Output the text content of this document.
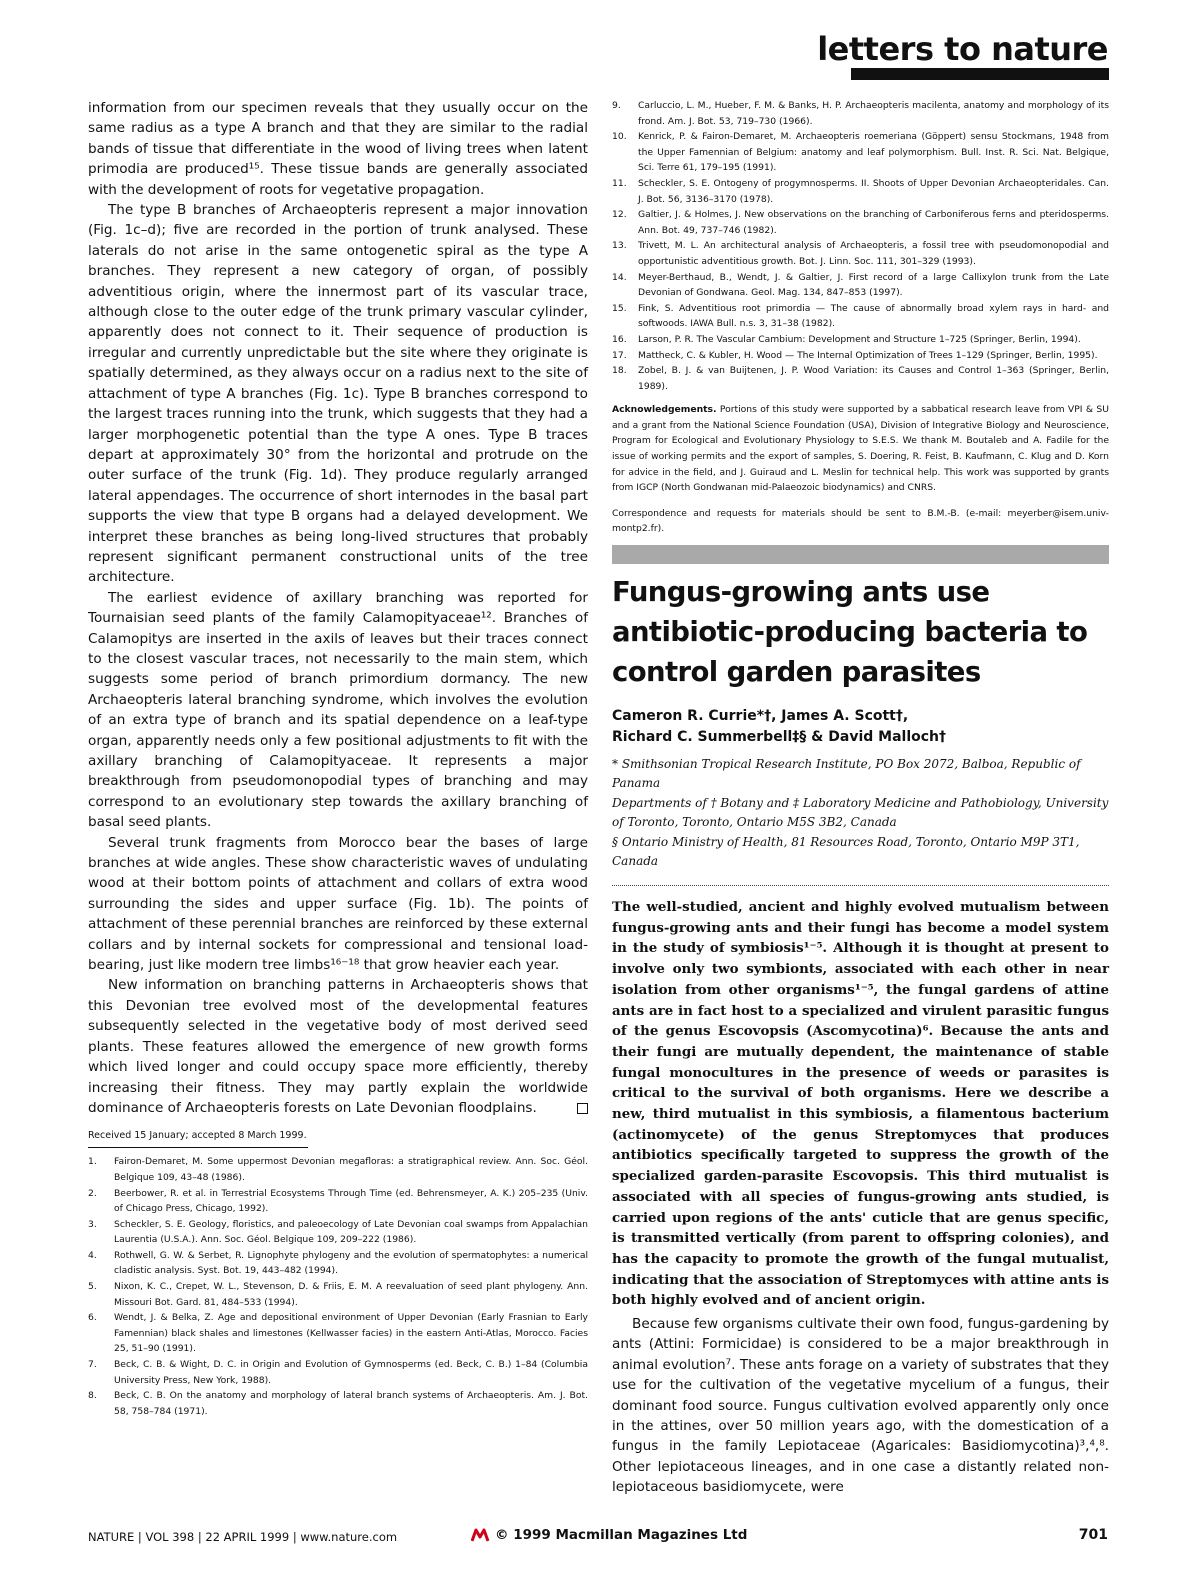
letters to nature

information from our specimen reveals that they usually occur on the same radius as a type A branch and that they are similar to the radial bands of tissue that differentiate in the wood of living trees when latent primodia are produced¹⁵. These tissue bands are generally associated with the development of roots for vegetative propagation.

The type B branches of Archaeopteris represent a major innovation (Fig. 1c–d); five are recorded in the portion of trunk analysed. These laterals do not arise in the same ontogenetic spiral as the type A branches. They represent a new category of organ, of possibly adventitious origin, where the innermost part of its vascular trace, although close to the outer edge of the trunk primary vascular cylinder, apparently does not connect to it. Their sequence of production is irregular and currently unpredictable but the site where they originate is spatially determined, as they always occur on a radius next to the site of attachment of type A branches (Fig. 1c). Type B branches correspond to the largest traces running into the trunk, which suggests that they had a larger morphogenetic potential than the type A ones. Type B traces depart at approximately 30° from the horizontal and protrude on the outer surface of the trunk (Fig. 1d). They produce regularly arranged lateral appendages. The occurrence of short internodes in the basal part supports the view that type B organs had a delayed development. We interpret these branches as being long-lived structures that probably represent significant permanent constructional units of the tree architecture.

The earliest evidence of axillary branching was reported for Tournaisian seed plants of the family Calamopityaceae¹². Branches of Calamopitys are inserted in the axils of leaves but their traces connect to the closest vascular traces, not necessarily to the main stem, which suggests some period of branch primordium dormancy. The new Archaeopteris lateral branching syndrome, which involves the evolution of an extra type of branch and its spatial dependence on a leaf-type organ, apparently needs only a few positional adjustments to fit with the axillary branching of Calamopityaceae. It represents a major breakthrough from pseudomonopodial types of branching and may correspond to an evolutionary step towards the axillary branching of basal seed plants.

Several trunk fragments from Morocco bear the bases of large branches at wide angles. These show characteristic waves of undulating wood at their bottom points of attachment and collars of extra wood surrounding the sides and upper surface (Fig. 1b). The points of attachment of these perennial branches are reinforced by these external collars and by internal sockets for compressional and tensional load-bearing, just like modern tree limbs¹⁶⁻¹⁸ that grow heavier each year.

New information on branching patterns in Archaeopteris shows that this Devonian tree evolved most of the developmental features subsequently selected in the vegetative body of most derived seed plants. These features allowed the emergence of new growth forms which lived longer and could occupy space more efficiently, thereby increasing their fitness. They may partly explain the worldwide dominance of Archaeopteris forests on Late Devonian floodplains.

Received 15 January; accepted 8 March 1999.
1.	Fairon-Demaret, M. Some uppermost Devonian megafloras: a stratigraphical review. Ann. Soc. Géol. Belgique 109, 43–48 (1986).
2.	Beerbower, R. et al. in Terrestrial Ecosystems Through Time (ed. Behrensmeyer, A. K.) 205–235 (Univ. of Chicago Press, Chicago, 1992).
3.	Scheckler, S. E. Geology, floristics, and paleoecology of Late Devonian coal swamps from Appalachian Laurentia (U.S.A.). Ann. Soc. Géol. Belgique 109, 209–222 (1986).
4.	Rothwell, G. W. & Serbet, R. Lignophyte phylogeny and the evolution of spermatophytes: a numerical cladistic analysis. Syst. Bot. 19, 443–482 (1994).
5.	Nixon, K. C., Crepet, W. L., Stevenson, D. & Friis, E. M. A reevaluation of seed plant phylogeny. Ann. Missouri Bot. Gard. 81, 484–533 (1994).
6.	Wendt, J. & Belka, Z. Age and depositional environment of Upper Devonian (Early Frasnian to Early Famennian) black shales and limestones (Kellwasser facies) in the eastern Anti-Atlas, Morocco. Facies 25, 51–90 (1991).
7.	Beck, C. B. & Wight, D. C. in Origin and Evolution of Gymnosperms (ed. Beck, C. B.) 1–84 (Columbia University Press, New York, 1988).
8.	Beck, C. B. On the anatomy and morphology of lateral branch systems of Archaeopteris. Am. J. Bot. 58, 758–784 (1971).
9.	Carluccio, L. M., Hueber, F. M. & Banks, H. P. Archaeopteris macilenta, anatomy and morphology of its frond. Am. J. Bot. 53, 719–730 (1966).
10. Kenrick, P. & Fairon-Demaret, M. Archaeopteris roemeriana (Göppert) sensu Stockmans, 1948 from the Upper Famennian of Belgium: anatomy and leaf polymorphism. Bull. Inst. R. Sci. Nat. Belgique, Sci. Terre 61, 179–195 (1991).
11. Scheckler, S. E. Ontogeny of progymnosperms. II. Shoots of Upper Devonian Archaeopteridales. Can. J. Bot. 56, 3136–3170 (1978).
12. Galtier, J. & Holmes, J. New observations on the branching of Carboniferous ferns and pteridosperms. Ann. Bot. 49, 737–746 (1982).
13. Trivett, M. L. An architectural analysis of Archaeopteris, a fossil tree with pseudomonopodial and opportunistic adventitious growth. Bot. J. Linn. Soc. 111, 301–329 (1993).
14. Meyer-Berthaud, B., Wendt, J. & Galtier, J. First record of a large Callixylon trunk from the Late Devonian of Gondwana. Geol. Mag. 134, 847–853 (1997).
15. Fink, S. Adventitious root primordia — The cause of abnormally broad xylem rays in hard- and softwoods. IAWA Bull. n.s. 3, 31–38 (1982).
16. Larson, P. R. The Vascular Cambium: Development and Structure 1–725 (Springer, Berlin, 1994).
17. Mattheck, C. & Kubler, H. Wood — The Internal Optimization of Trees 1–129 (Springer, Berlin, 1995).
18. Zobel, B. J. & van Buijtenen, J. P. Wood Variation: its Causes and Control 1–363 (Springer, Berlin, 1989).

Acknowledgements. Portions of this study were supported by a sabbatical research leave from VPI & SU and a grant from the National Science Foundation (USA), Division of Integrative Biology and Neuroscience, Program for Ecological and Evolutionary Physiology to S.E.S. We thank M. Boutaleb and A. Fadile for the issue of working permits and the export of samples, S. Doering, R. Feist, B. Kaufmann, C. Klug and D. Korn for advice in the field, and J. Guiraud and L. Meslin for technical help. This work was supported by grants from IGCP (North Gondwanan mid-Palaeozoic biodynamics) and CNRS.

Correspondence and requests for materials should be sent to B.M.-B. (e-mail: meyerber@isem.univ-montp2.fr).

Fungus-growing ants use antibiotic-producing bacteria to control garden parasites
Cameron R. Currie*†, James A. Scott†,
Richard C. Summerbell‡§ & David Malloch†
* Smithsonian Tropical Research Institute, PO Box 2072, Balboa, Republic of Panama
Departments of † Botany and ‡ Laboratory Medicine and Pathobiology, University of Toronto, Toronto, Ontario M5S 3B2, Canada
§ Ontario Ministry of Health, 81 Resources Road, Toronto, Ontario M9P 3T1, Canada

The well-studied, ancient and highly evolved mutualism between fungus-growing ants and their fungi has become a model system in the study of symbiosis¹⁻⁵. Although it is thought at present to involve only two symbionts, associated with each other in near isolation from other organisms¹⁻⁵, the fungal gardens of attine ants are in fact host to a specialized and virulent parasitic fungus of the genus Escovopsis (Ascomycotina)⁶. Because the ants and their fungi are mutually dependent, the maintenance of stable fungal monocultures in the presence of weeds or parasites is critical to the survival of both organisms. Here we describe a new, third mutualist in this symbiosis, a filamentous bacterium (actinomycete) of the genus Streptomyces that produces antibiotics specifically targeted to suppress the growth of the specialized garden-parasite Escovopsis. This third mutualist is associated with all species of fungus-growing ants studied, is carried upon regions of the ants' cuticle that are genus specific, is transmitted vertically (from parent to offspring colonies), and has the capacity to promote the growth of the fungal mutualist, indicating that the association of Streptomyces with attine ants is both highly evolved and of ancient origin.

Because few organisms cultivate their own food, fungus-gardening by ants (Attini: Formicidae) is considered to be a major breakthrough in animal evolution⁷. These ants forage on a variety of substrates that they use for the cultivation of the vegetative mycelium of a fungus, their dominant food source. Fungus cultivation evolved apparently only once in the attines, over 50 million years ago, with the domestication of a fungus in the family Lepiotaceae (Agaricales: Basidiomycotina)³,⁴,⁸. Other lepiotaceous lineages, and in one case a distantly related non-lepiotaceous basidiomycete, were

NATURE | VOL 398 | 22 APRIL 1999 | www.nature.com	© 1999 Macmillan Magazines Ltd	701
